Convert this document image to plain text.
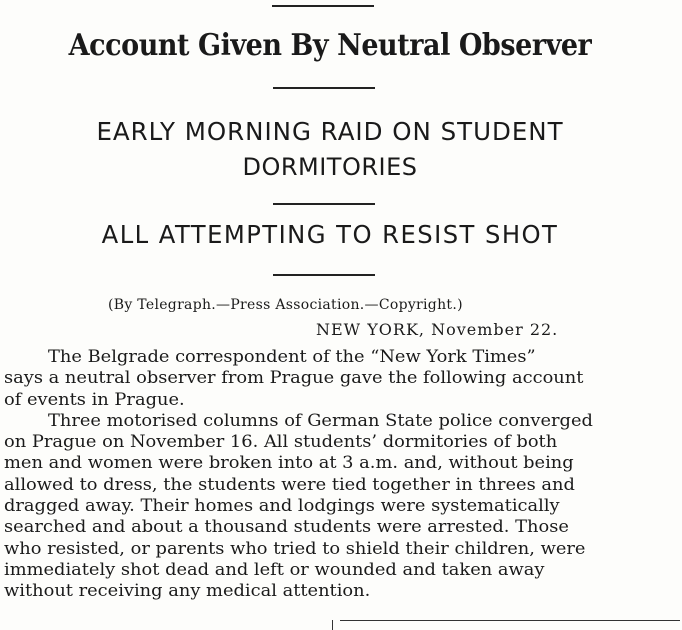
Account Given By Neutral Observer
EARLY MORNING RAID ON STUDENT
DORMITORIES
ALL ATTEMPTING TO RESIST SHOT
(By Telegraph.—Press Association.—Copyright.)
NEW YORK, November 22.
The Belgrade correspondent of the “New York Times”
says a neutral observer from Prague gave the following account
of events in Prague.
Three motorised columns of German State police converged
on Prague on November 16. All students’ dormitories of both
men and women were broken into at 3 a.m. and, without being
allowed to dress, the students were tied together in threes and
dragged away. Their homes and lodgings were systematically
searched and about a thousand students were arrested. Those
who resisted, or parents who tried to shield their children, were
immediately shot dead and left or wounded and taken away
without receiving any medical attention.
